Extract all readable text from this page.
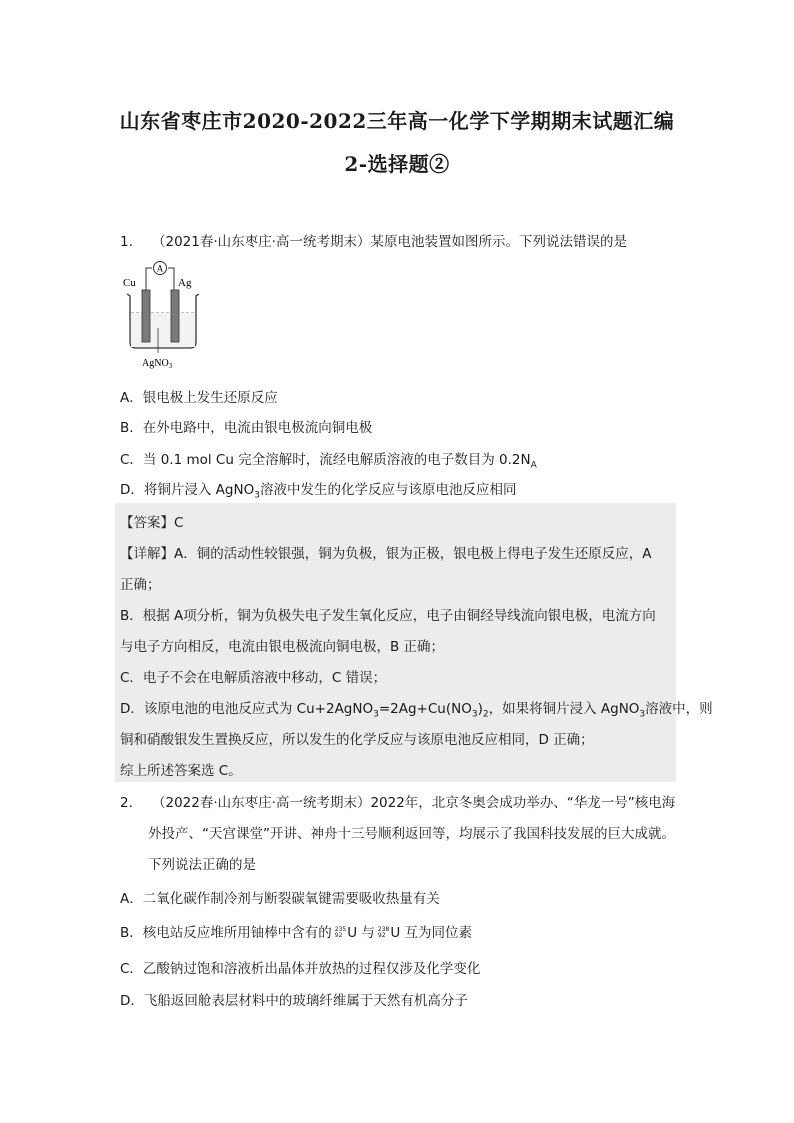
山东省枣庄市2020-2022三年高一化学下学期期末试题汇编
2-选择题②
1. （2021春·山东枣庄·高一统考期末）某原电池装置如图所示。下列说法错误的是
A
Cu	Ag
AgNO$_3$
A．银电极上发生还原反应
B．在外电路中，电流由银电极流向铜电极
C．当 0.1 mol Cu 完全溶解时，流经电解质溶液的电子数目为 $0.2N_A$
D．将铜片浸入 AgNO$_3$溶液中发生的化学反应与该原电池反应相同
【答案】C
【详解】A．铜的活动性较银强，铜为负极，银为正极，银电极上得电子发生还原反应，A
正确；
B．根据 A项分析，铜为负极失电子发生氧化反应，电子由铜经导线流向银电极，电流方向
与电子方向相反，电流由银电极流向铜电极，B 正确；
C．电子不会在电解质溶液中移动，C 错误；
D．该原电池的电池反应式为 $Cu+2AgNO_3=2Ag+Cu(NO_3)_2$，如果将铜片浸入 AgNO$_3$溶液中，则
铜和硝酸银发生置换反应，所以发生的化学反应与该原电池反应相同，D 正确；
综上所述答案选 C。
2. （2022春·山东枣庄·高一统考期末）2022年，北京冬奥会成功举办、“华龙一号”核电海
外投产、“天宫课堂”开讲、神舟十三号顺利返回等，均展示了我国科技发展的巨大成就。
下列说法正确的是
A．二氧化碳作制冷剂与断裂碳氧键需要吸收热量有关
B．核电站反应堆所用铀棒中含有的 235
92 U 与 238
92 U 互为同位素
C．乙酸钠过饱和溶液析出晶体并放热的过程仅涉及化学变化
D．飞船返回舱表层材料中的玻璃纤维属于天然有机高分子
